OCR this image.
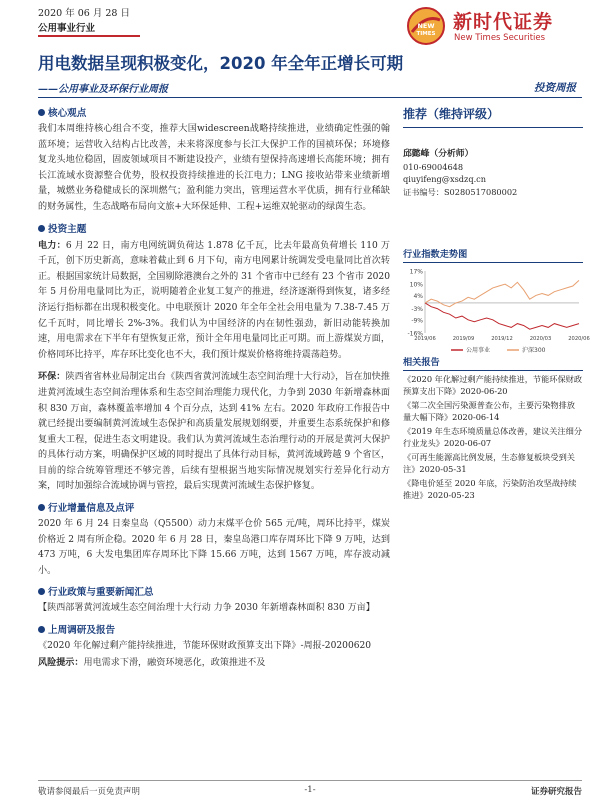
2020 年 06 月 28 日
公用事业行业	NEW
TIMES
新时代证券
New Times Securities
用电数据呈现积极变化，2020 年全年正增长可期
——公用事业及环保行业周报	投资周报
核心观点
我们本周维持核心组合不变，推荐大国widescreen战略持续推进，业绩确定性强的翰蓝环境；运营收入结构占比改善，未来将深度参与长江大保护工作的国祯环保；环境修复龙头地位稳固，固废领域项目不断建设投产，业绩有望保持高速增长高能环境；拥有长江流域水资源整合优势，股权投资持续推进的长江电力；LNG 接收站带来业绩新增量，城燃业务稳健成长的深圳燃气；盈利能力突出，管理运营水平优质，拥有行业稀缺的财务属性，生态战略布局向文旅+大环保延伸、工程+运维双轮驱动的绿茵生态。
投资主题
电力：6 月 22 日，南方电网统调负荷达 1.878 亿千瓦，比去年最高负荷增长 110 万千瓦，创下历史新高，意味着截止到 6 月下旬，南方电网累计统调发受电量同比首次转正。根据国家统计局数据，全国剔除港澳台之外的 31 个省市中已经有 23 个省市 2020 年 5 月份用电量同比为正，说明随着企业复工复产的推进，经济逐渐得到恢复，诸多经济运行指标都在出现积极变化。中电联预计 2020 年全年全社会用电量为 7.38-7.45 万亿千瓦时，同比增长 2%-3%。我们认为中国经济的内在韧性强劲，新旧动能转换加速，用电需求在下半年有望恢复正常，预计全年用电量同比正可期。而上游煤炭方面，价格同环比持平，库存环比变化也不大，我们预计煤炭价格将维持震荡趋势。
环保：陕西省省林业局制定出台《陕西省黄河流域生态空间治理十大行动》，旨在加快推进黄河流域生态空间治理体系和生态空间治理能力现代化，力争到 2030 年新增森林面积 830 万亩，森林覆盖率增加 4 个百分点，达到 41% 左右。2020 年政府工作报告中就已经提出要编制黄河流域生态保护和高质量发展规划纲要，并重要生态系统保护和修复重大工程，促进生态文明建设。我们认为黄河流域生态治理行动的开展是黄河大保护的具体行动方案，明确保护区域的同时提出了具体行动目标，黄河流域跨越 9 个省区，目前的综合统筹管理还不够完善，后续有望根据当地实际情况规划实行差异化行动方案，同时加强综合流域协调与管控，最后实现黄河流域生态保护修复。
行业增量信息及点评
2020 年 6 月 24 日秦皇岛（Q5500）动力末煤平仓价 565 元/吨，周环比持平，煤炭价格近 2 周有所企稳。2020 年 6 月 28 日，秦皇岛港口库存周环比下降 9 万吨，达到 473 万吨，6 大发电集团库存周环比下降 15.66 万吨，达到 1567 万吨，库存波动减小。
行业政策与重要新闻汇总
【陕西部署黄河流域生态空间治理十大行动 力争 2030 年新增森林面积 830 万亩】
上周调研及报告
《2020 年化解过剩产能持续推进，节能环保财政预算支出下降》-周报-20200620
风险提示：用电需求下滑，融资环境恶化，政策推进不及
推荐（维持评级）
邱懿峰（分析师）
010-69004648
qiuyifeng@xsdzq.cn
证书编号：S0280517080002
行业指数走势图
17%
10%
4%
-3%
-9%
-16%
2019/06	2019/09	2019/12	2020/03	2020/06
公用事业	沪深300
相关报告
《2020 年化解过剩产能持续推进，节能环保财政预算支出下降》2020-06-20
《第二次全国污染源普查公布，主要污染物排放量大幅下降》2020-06-14
《2019 年生态环境质量总体改善，建议关注细分行业龙头》2020-06-07
《可再生能源高比例发展，生态修复板块受到关注》2020-05-31
《降电价延至 2020 年底，污染防治攻坚战持续推进》2020-05-23
敬请参阅最后一页免责声明	-1-	证券研究报告
